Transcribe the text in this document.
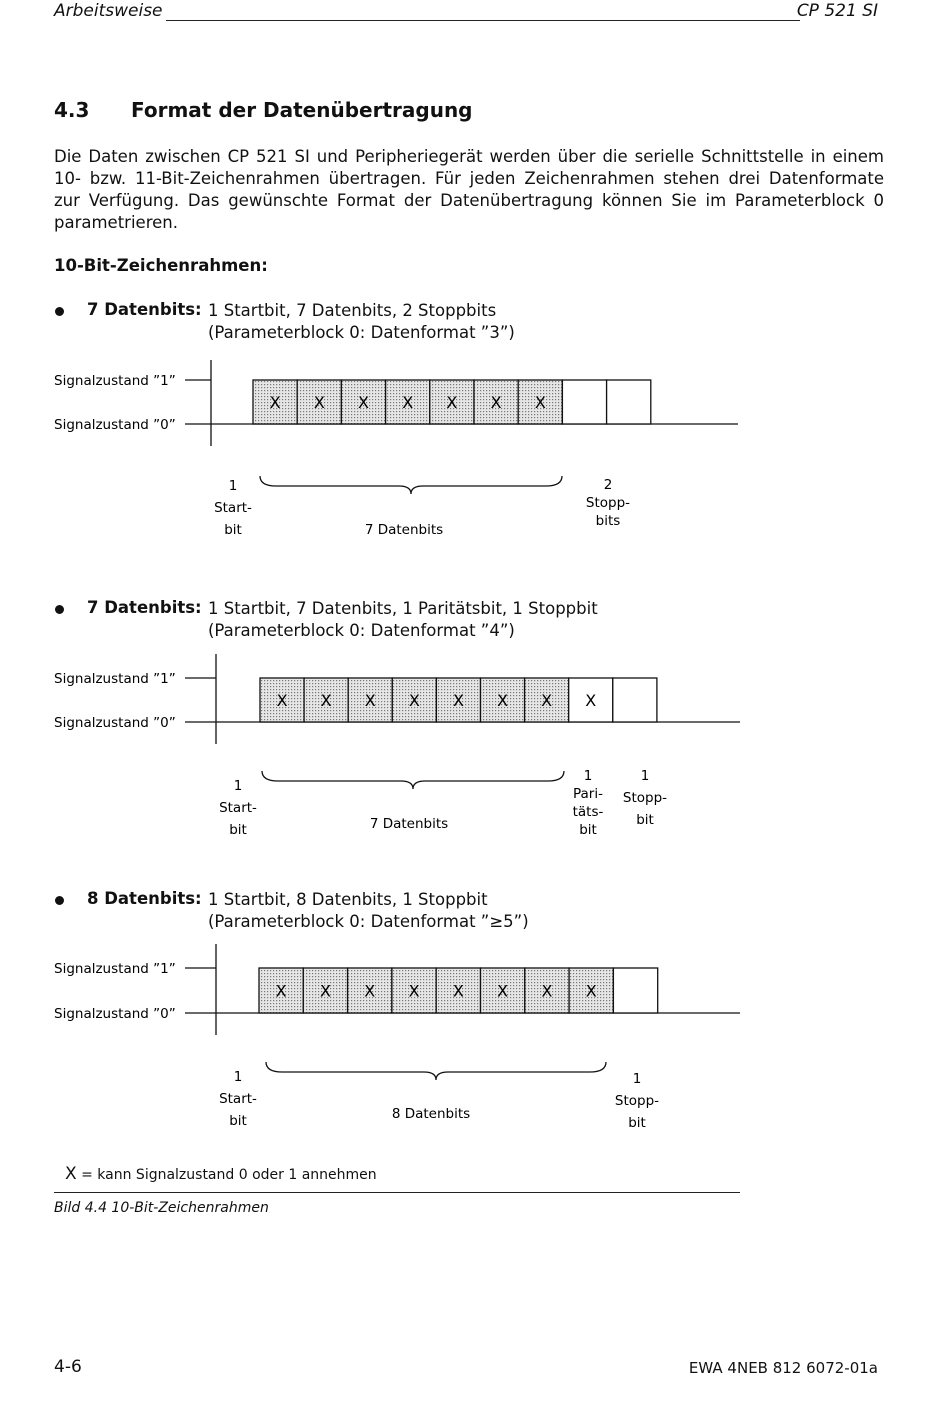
Arbeitsweise	CP 521 SI
4.3 Format der Datenübertragung
Die Daten zwischen CP 521 SI und Peripheriegerät werden über die serielle Schnittstelle in einem
10- bzw. 11-Bit-Zeichenrahmen übertragen. Für jeden Zeichenrahmen stehen drei Datenformate
zur Verfügung. Das gewünschte Format der Datenübertragung können Sie im Parameterblock 0
parametrieren.
10-Bit-Zeichenrahmen:
7 Datenbits: 1 Startbit, 7 Datenbits, 2 Stoppbits
(Parameterblock 0: Datenformat ”3”)
7 Datenbits: 1 Startbit, 7 Datenbits, 1 Paritätsbit, 1 Stoppbit
(Parameterblock 0: Datenformat ”4”)
8 Datenbits: 1 Startbit, 8 Datenbits, 1 Stoppbit
(Parameterblock 0: Datenformat ”≥5”)
Signalzustand ”1”
Signalzustand ”0”
X X X X X X X
1
Start-
bit	7 Datenbits
2
Stopp-
bits
Signalzustand ”1”
Signalzustand ”0”
X X X X X X X X
1
Start-
bit	7 Datenbits
1
Pari-
täts-
bit
1
Stopp-
bit
Signalzustand ”1”
Signalzustand ”0”
X X X X X X X X
1
Start-
bit	8 Datenbits
1
Stopp-
bit
X = kann Signalzustand 0 oder 1 annehmen
Bild 4.4 10-Bit-Zeichenrahmen
4-6	EWA 4NEB 812 6072-01a
